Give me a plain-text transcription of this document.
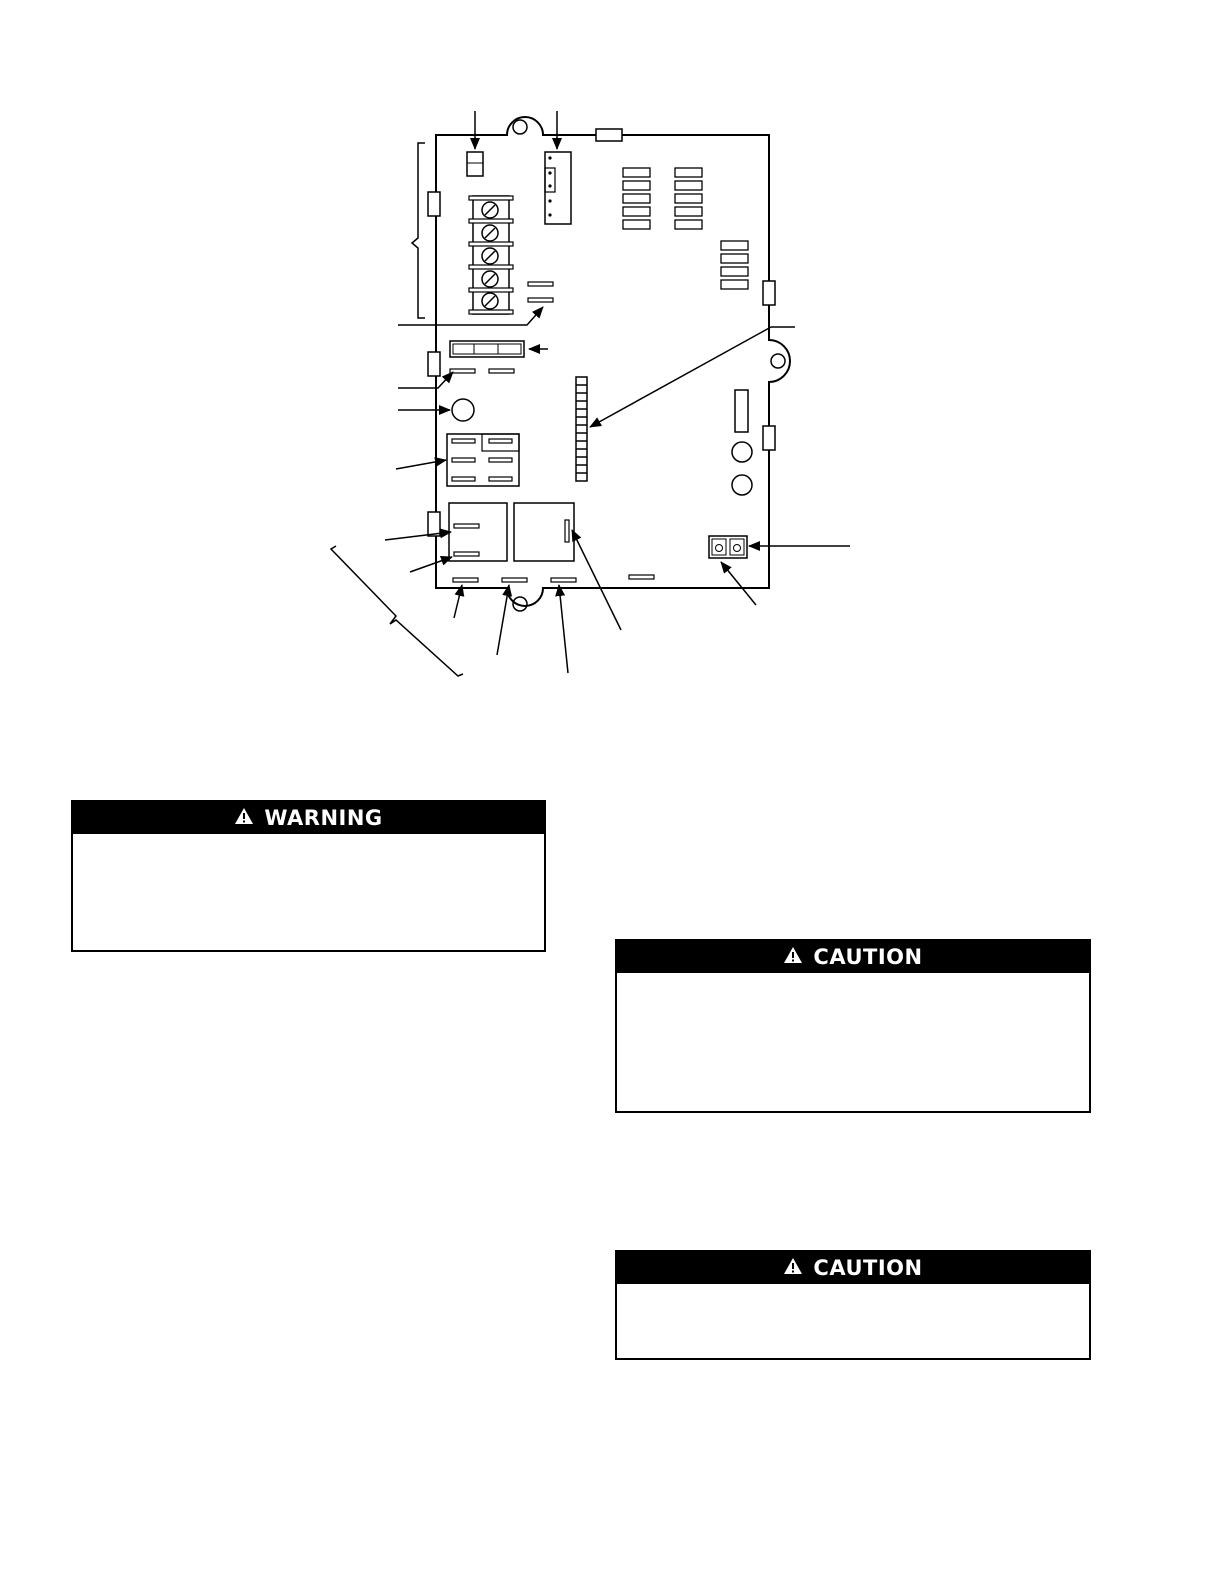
WARNING
CAUTION
CAUTION
